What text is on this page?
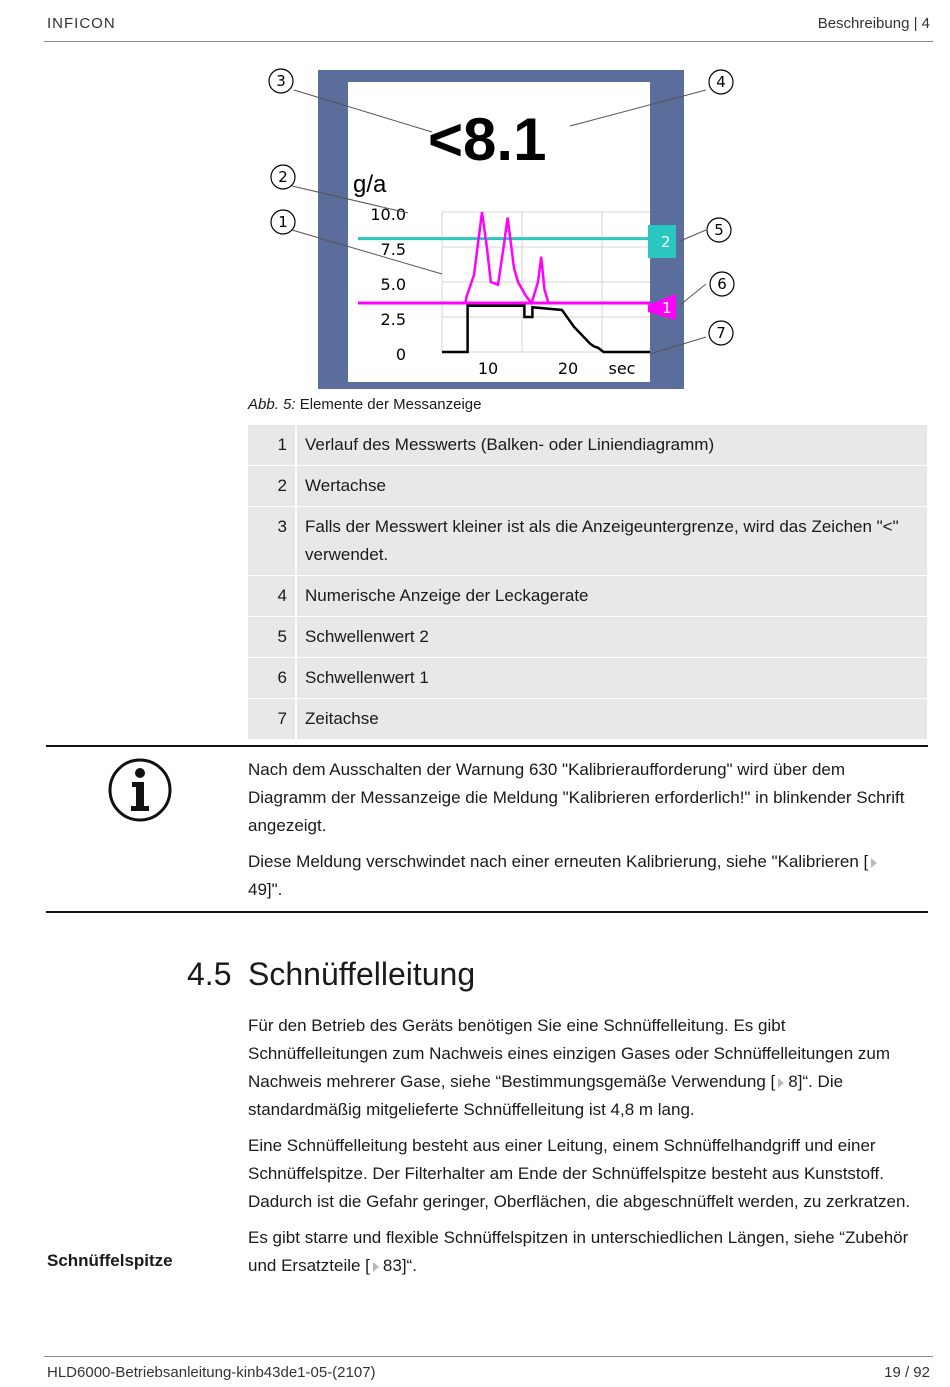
INFICON	Beschreibung | 4
<8.1
g/a
10.0
7.5
5.0
2.5
0
10	20 sec
2
1
3
2
1
4
5
6
7
Abb. 5: Elemente der Messanzeige
1	Verlauf des Messwerts (Balken- oder Liniendiagramm)
2	Wertachse
3	Falls der Messwert kleiner ist als die Anzeigeuntergrenze, wird das Zeichen "<" verwendet.
4	Numerische Anzeige der Leckagerate
5	Schwellenwert 2
6	Schwellenwert 1
7	Zeitachse

Nach dem Ausschalten der Warnung 630 "Kalibrieraufforderung" wird über dem Diagramm der Messanzeige die Meldung "Kalibrieren erforderlich!" in blinkender Schrift angezeigt.

Diese Meldung verschwindet nach einer erneuten Kalibrierung, siehe "Kalibrieren [49]".

4.5 Schnüffelleitung

Für den Betrieb des Geräts benötigen Sie eine Schnüffelleitung. Es gibt Schnüffelleitungen zum Nachweis eines einzigen Gases oder Schnüffelleitungen zum Nachweis mehrerer Gase, siehe “Bestimmungsgemäße Verwendung [ 8]“. Die standardmäßig mitgelieferte Schnüffelleitung ist 4,8 m lang.

Eine Schnüffelleitung besteht aus einer Leitung, einem Schnüffelhandgriff und einer Schnüffelspitze. Der Filterhalter am Ende der Schnüffelspitze besteht aus Kunststoff. Dadurch ist die Gefahr geringer, Oberflächen, die abgeschnüffelt werden, zu zerkratzen.

Es gibt starre und flexible Schnüffelspitzen in unterschiedlichen Längen, siehe “Zubehör und Ersatzteile [ 83]“.

Schnüffelspitze
HLD6000-Betriebsanleitung-kinb43de1-05-(2107)	19 / 92
